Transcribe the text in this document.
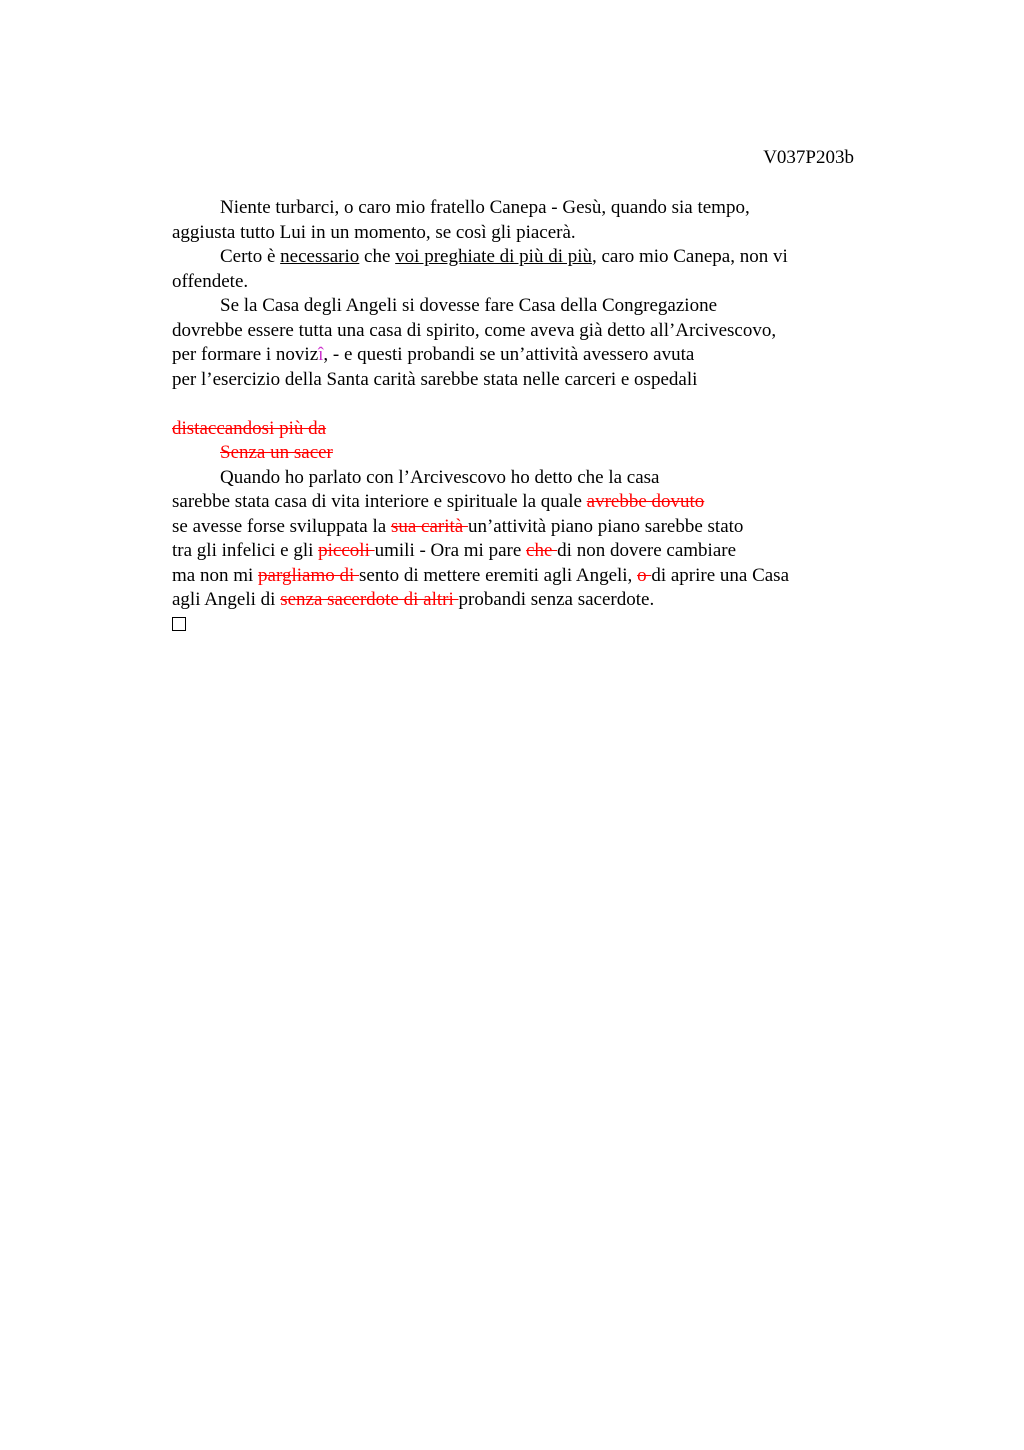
V037P203b
Niente turbarci, o caro mio fratello Canepa - Gesù, quando sia tempo,
aggiusta tutto Lui in un momento, se così gli piacerà.
Certo è necessario che voi preghiate di più di più, caro mio Canepa, non vi
offendete.
Se la Casa degli Angeli si dovesse fare Casa della Congregazione
dovrebbe essere tutta una casa di spirito, come aveva già detto all’Arcivescovo,
per formare i novizî, - e questi probandi se un’attività avessero avuta
per l’esercizio della Santa carità sarebbe stata nelle carceri e ospedali
distaccandosi più da
Senza un sacer
Quando ho parlato con l’Arcivescovo ho detto che la casa
sarebbe stata casa di vita interiore e spirituale la quale avrebbe dovuto
se avesse forse sviluppata la sua carità un’attività piano piano sarebbe stato
tra gli infelici e gli piccoli umili - Ora mi pare che di non dovere cambiare
ma non mi pargliamo di sento di mettere eremiti agli Angeli, o di aprire una Casa
agli Angeli di senza sacerdote di altri probandi senza sacerdote.
